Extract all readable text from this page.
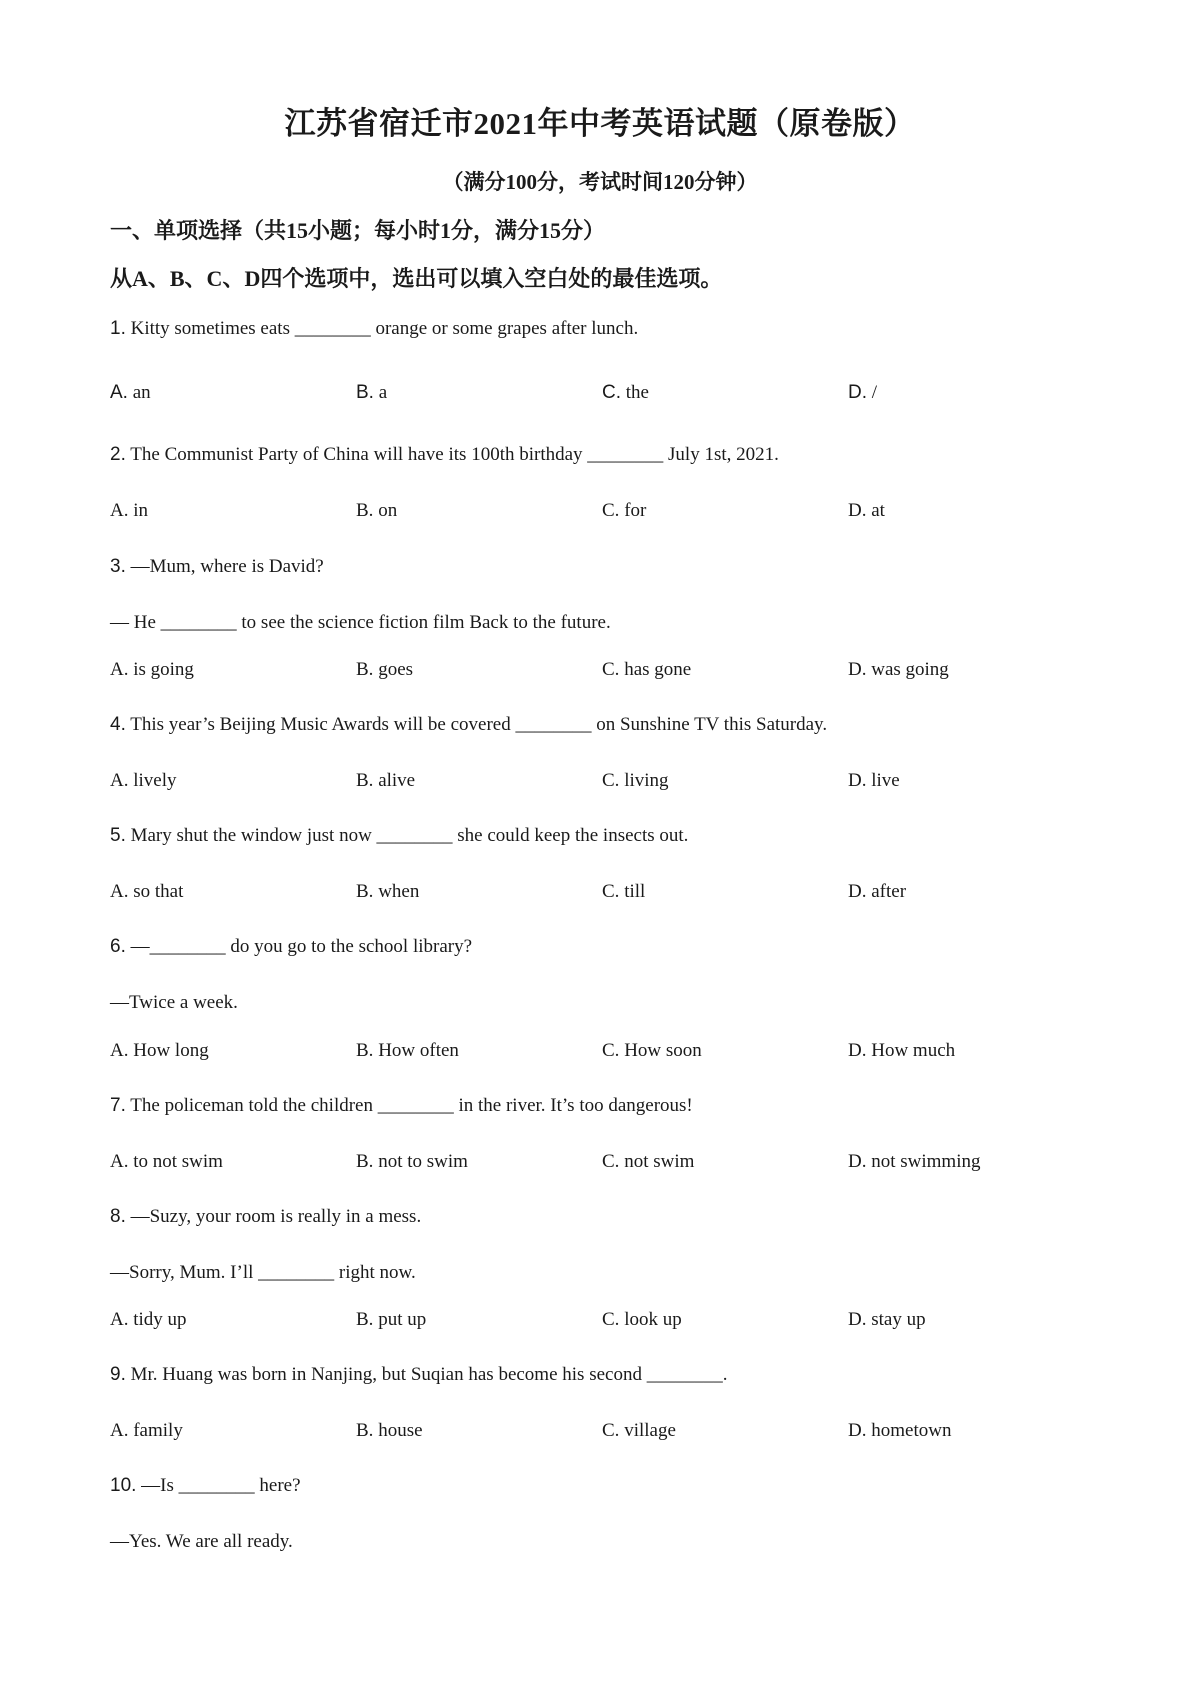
江苏省宿迁市2021年中考英语试题（原卷版）
（满分100分，考试时间120分钟）
一、单项选择（共15小题；每小时1分，满分15分）
从A、B、C、D四个选项中，选出可以填入空白处的最佳选项。
1. Kitty sometimes eats ________ orange or some grapes after lunch.
A. an	B. a	C. the	D. /
2. The Communist Party of China will have its 100th birthday ________ July 1st, 2021.
A. in	B. on	C. for	D. at
3. —Mum, where is David?
— He ________ to see the science fiction film Back to the future.
A. is going	B. goes	C. has gone	D. was going
4. This year’s Beijing Music Awards will be covered ________ on Sunshine TV this Saturday.
A. lively	B. alive	C. living	D. live
5. Mary shut the window just now ________ she could keep the insects out.
A. so that	B. when	C. till	D. after
6. —________ do you go to the school library?
—Twice a week.
A. How long	B. How often	C. How soon	D. How much
7. The policeman told the children ________ in the river. It’s too dangerous!
A. to not swim	B. not to swim	C. not swim	D. not swimming
8. —Suzy, your room is really in a mess.
—Sorry, Mum. I’ll ________ right now.
A. tidy up	B. put up	C. look up	D. stay up
9. Mr. Huang was born in Nanjing, but Suqian has become his second ________.
A. family	B. house	C. village	D. hometown
10. —Is ________ here?
—Yes. We are all ready.
